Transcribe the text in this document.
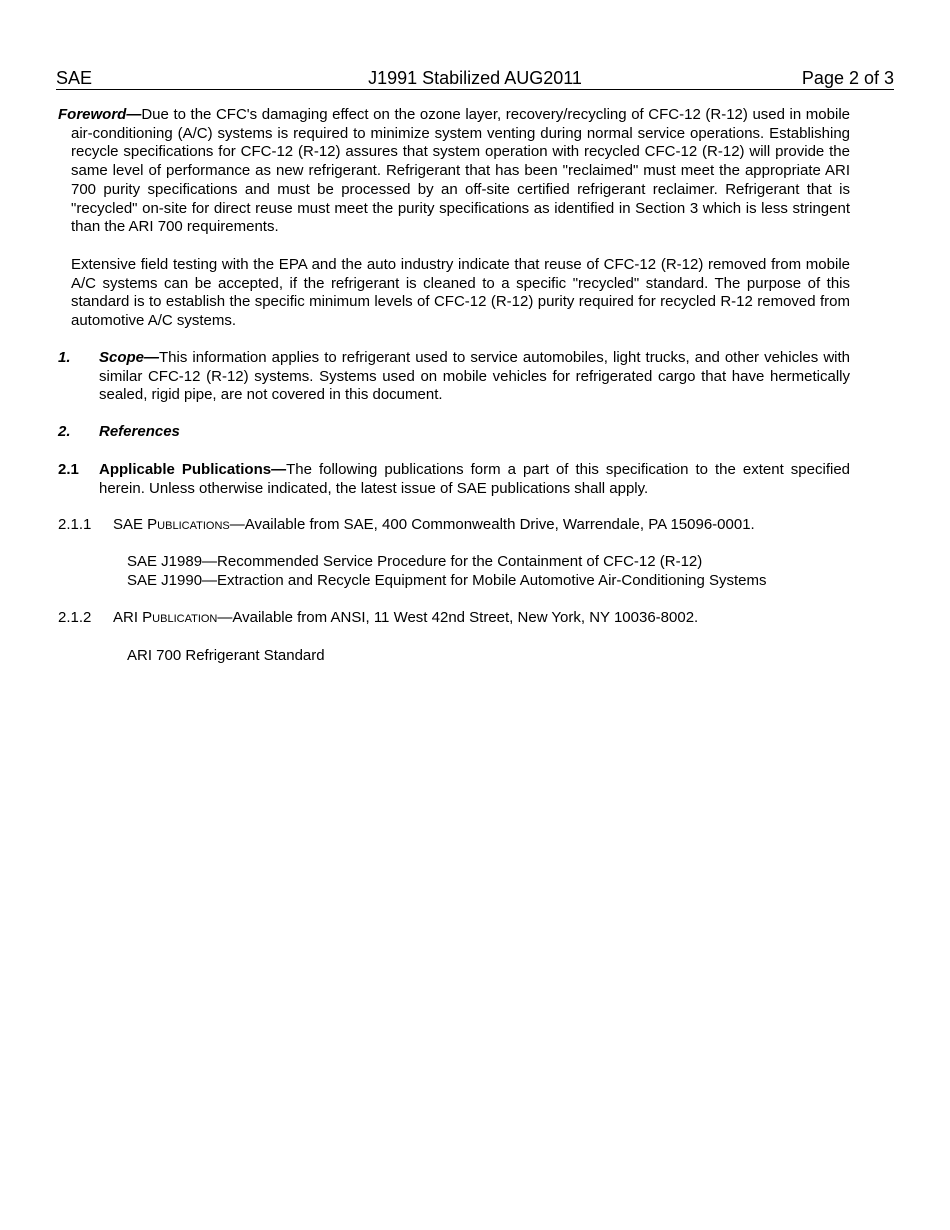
SAE	J1991 Stabilized AUG2011	Page 2 of 3

Foreword—Due to the CFC's damaging effect on the ozone layer, recovery/recycling of CFC-12 (R-12) used in mobile air-conditioning (A/C) systems is required to minimize system venting during normal service operations. Establishing recycle specifications for CFC-12 (R-12) assures that system operation with recycled CFC-12 (R-12) will provide the same level of performance as new refrigerant. Refrigerant that has been "reclaimed" must meet the appropriate ARI 700 purity specifications and must be processed by an off-site certified refrigerant reclaimer. Refrigerant that is "recycled" on-site for direct reuse must meet the purity specifications as identified in Section 3 which is less stringent than the ARI 700 requirements.

Extensive field testing with the EPA and the auto industry indicate that reuse of CFC-12 (R-12) removed from mobile A/C systems can be accepted, if the refrigerant is cleaned to a specific "recycled" standard. The purpose of this standard is to establish the specific minimum levels of CFC-12 (R-12) purity required for recycled R-12 removed from automotive A/C systems.

1. Scope—This information applies to refrigerant used to service automobiles, light trucks, and other vehicles with similar CFC-12 (R-12) systems. Systems used on mobile vehicles for refrigerated cargo that have hermetically sealed, rigid pipe, are not covered in this document.
2. References
2.1 Applicable Publications—The following publications form a part of this specification to the extent specified herein. Unless otherwise indicated, the latest issue of SAE publications shall apply.
2.1.1 SAE Publications—Available from SAE, 400 Commonwealth Drive, Warrendale, PA 15096-0001.
SAE J1989—Recommended Service Procedure for the Containment of CFC-12 (R-12)
SAE J1990—Extraction and Recycle Equipment for Mobile Automotive Air-Conditioning Systems
2.1.2 ARI Publication—Available from ANSI, 11 West 42nd Street, New York, NY 10036-8002.
ARI 700 Refrigerant Standard
